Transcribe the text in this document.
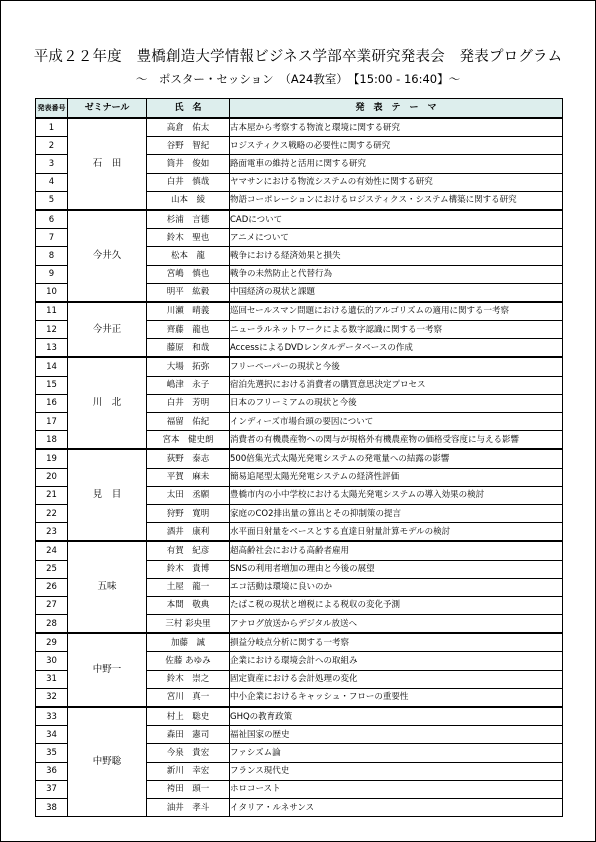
平成２２年度　豊橋創造大学情報ビジネス学部卒業研究発表会　発表プログラム
～　ポスター・セッション　（A24教室）　【15:00 - 16:40】～
発表番号	ゼミナール	氏　名	発　表　テ　ー　マ
1	石　田	高倉　佑太	古本屋から考察する物流と環境に関する研究
2		谷野　智紀	ロジスティクス戦略の必要性に関する研究
3		筒井　俊如	路面電車の維持と活用に関する研究
4		白井　慎哉	ヤマサンにおける物流システムの有効性に関する研究
5		山本　綾	物語コーポレーションにおけるロジスティクス・システム構築に関する研究
6	今井久	杉浦　言德	CADについて
7		鈴木　聖也	アニメについて
8		松本　龍	戦争における経済効果と損失
9		宮嶋　慎也	戦争の未然防止と代替行為
10		明平　紘毅	中国経済の現状と課題
11	今井正	川瀬　晴義	巡回セールスマン問題における遺伝的アルゴリズムの適用に関する一考察
12		齊藤　龍也	ニューラルネットワークによる数字認識に関する一考察
13		藤原　和哉	AccessによるDVDレンタルデータベースの作成
14	川　北	大場　拓弥	フリーペーパーの現状と今後
15		嶋津　永子	宿泊先選択における消費者の購買意思決定プロセス
16		白井　芳明	日本のフリーミアムの現状と今後
17		福留　佑紀	インディーズ市場台頭の要因について
18		宮本　健史朗	消費者の有機農産物への関与が規格外有機農産物の価格受容度に与える影響
19	見　目	荻野　泰志	500倍集光式太陽光発電システムの発電量への結露の影響
20		平賀　麻未	簡易追尾型太陽光発電システムの経済性評価
21		太田　丞願	豊橋市内の小中学校における太陽光発電システムの導入効果の検討
22		狩野　寛明	家庭のCO2排出量の算出とその抑制策の提言
23		酒井　康利	水平面日射量をベースとする直達日射量計算モデルの検討
24	五味	有賀　紀彦	超高齢社会における高齢者雇用
25		鈴木　貴博	SNSの利用者増加の理由と今後の展望
26		土屋　龍一	エコ活動は環境に良いのか
27		本間　敬典	たばこ税の現状と増税による税収の変化予測
28		三村 彩央里	アナログ放送からデジタル放送へ
29	中野一	加藤　誠	損益分岐点分析に関する一考察
30		佐藤 あゆみ	企業における環境会計への取組み
31		鈴木　崇之	固定資産における会計処理の変化
32		宮川　真一	中小企業におけるキャッシュ・フローの重要性
33	中野聡	村上　聡史	GHQの教育政策
34		森田　憲司	福祉国家の歴史
35		今泉　貴宏	ファシズム論
36		新川　幸宏	フランス現代史
37		袴田　頭一	ホロコースト
38		油井　孝斗	イタリア・ルネサンス
